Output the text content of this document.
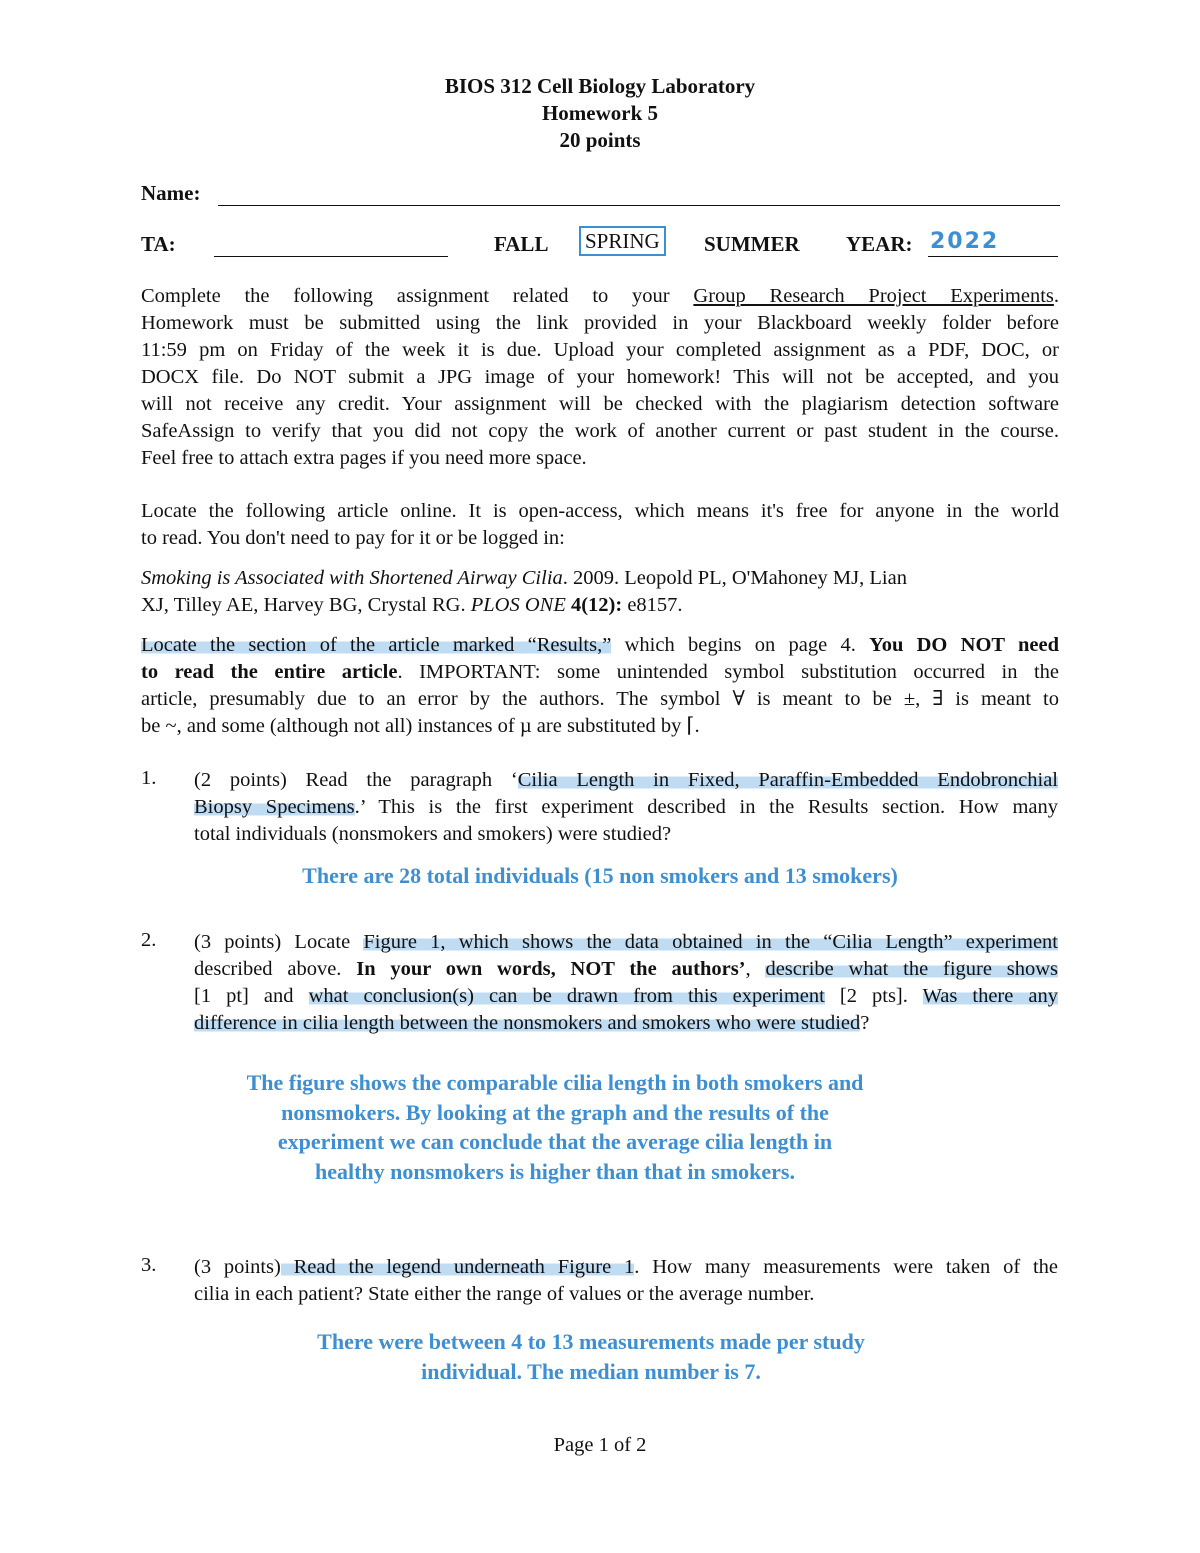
BIOS 312 Cell Biology Laboratory
Homework 5
20 points
Name:
TA:	FALL SPRING SUMMER YEAR: 2022
Complete the following assignment related to your Group Research Project Experiments.
Homework must be submitted using the link provided in your Blackboard weekly folder before
11:59 pm on Friday of the week it is due. Upload your completed assignment as a PDF, DOC, or
DOCX file. Do NOT submit a JPG image of your homework! This will not be accepted, and you
will not receive any credit. Your assignment will be checked with the plagiarism detection software
SafeAssign to verify that you did not copy the work of another current or past student in the course.
Feel free to attach extra pages if you need more space.
Locate the following article online. It is open-access, which means it's free for anyone in the world
to read. You don't need to pay for it or be logged in:
Smoking is Associated with Shortened Airway Cilia. 2009. Leopold PL, O'Mahoney MJ, Lian
XJ, Tilley AE, Harvey BG, Crystal RG. PLOS ONE 4(12): e8157.
Locate the section of the article marked “Results,” which begins on page 4. You DO NOT need
to read the entire article. IMPORTANT: some unintended symbol substitution occurred in the
article, presumably due to an error by the authors. The symbol ∀ is meant to be ±, ∃ is meant to
be ~, and some (although not all) instances of µ are substituted by ⌈.
1. (2 points) Read the paragraph ‘Cilia Length in Fixed, Paraffin-Embedded Endobronchial
Biopsy Specimens.’ This is the first experiment described in the Results section. How many
total individuals (nonsmokers and smokers) were studied?
There are 28 total individuals (15 non smokers and 13 smokers)
2. (3 points) Locate Figure 1, which shows the data obtained in the “Cilia Length” experiment
described above. In your own words, NOT the authors’, describe what the figure shows
[1 pt] and what conclusion(s) can be drawn from this experiment [2 pts]. Was there any
difference in cilia length between the nonsmokers and smokers who were studied?
The figure shows the comparable cilia length in both smokers and
nonsmokers. By looking at the graph and the results of the
experiment we can conclude that the average cilia length in
healthy nonsmokers is higher than that in smokers.
3. (3 points) Read the legend underneath Figure 1. How many measurements were taken of the
cilia in each patient? State either the range of values or the average number.
There were between 4 to 13 measurements made per study
individual. The median number is 7.
Page 1 of 2
